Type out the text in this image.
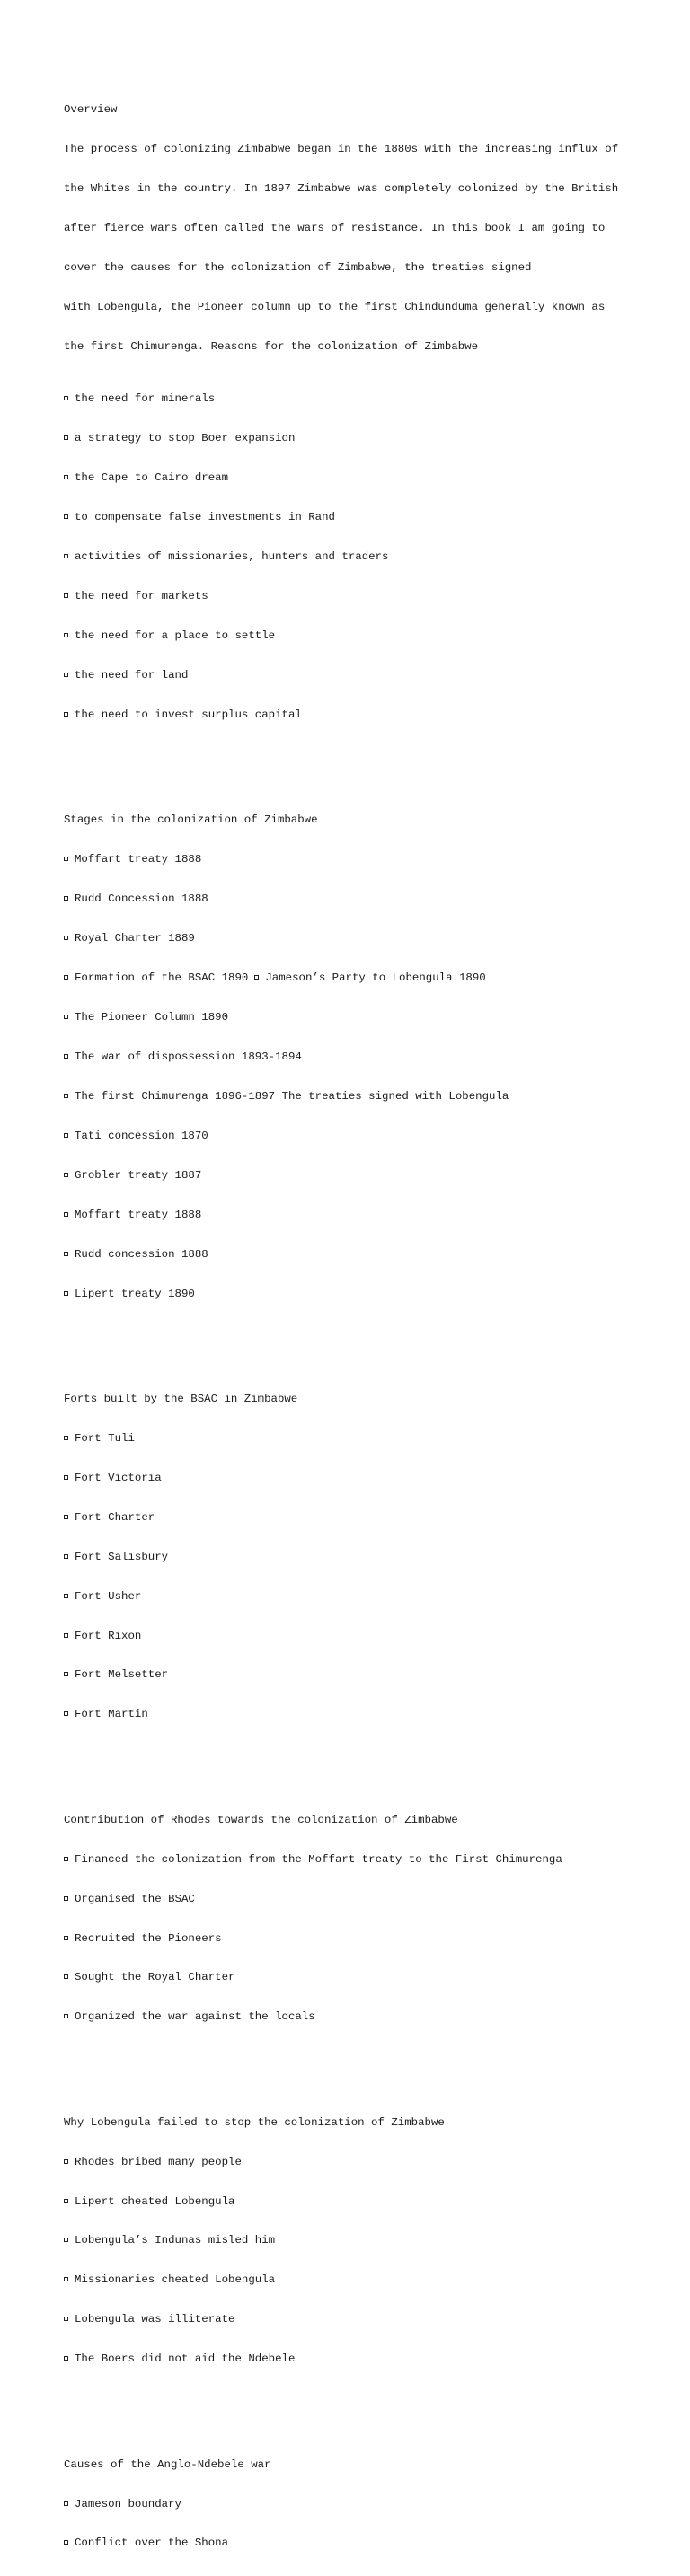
Overview

The process of colonizing Zimbabwe began in the 1880s with the increasing influx of

the Whites in the country. In 1897 Zimbabwe was completely colonized by the British

after fierce wars often called the wars of resistance. In this book I am going to

cover the causes for the colonization of Zimbabwe, the treaties signed

with Lobengula, the Pioneer column up to the first Chindunduma generally known as

the first Chimurenga. Reasons for the colonization of Zimbabwe

the need for minerals

a strategy to stop Boer expansion

the Cape to Cairo dream

to compensate false investments in Rand

activities of missionaries, hunters and traders

the need for markets

the need for a place to settle

the need for land

the need to invest surplus capital

Stages in the colonization of Zimbabwe

Moffart treaty 1888

Rudd Concession 1888

Royal Charter 1889

Formation of the BSAC 1890 Jameson’s Party to Lobengula 1890

The Pioneer Column 1890

The war of dispossession 1893-1894

The first Chimurenga 1896-1897 The treaties signed with Lobengula

Tati concession 1870

Grobler treaty 1887

Moffart treaty 1888

Rudd concession 1888

Lipert treaty 1890

Forts built by the BSAC in Zimbabwe

Fort Tuli

Fort Victoria

Fort Charter

Fort Salisbury

Fort Usher

Fort Rixon

Fort Melsetter

Fort Martin

Contribution of Rhodes towards the colonization of Zimbabwe

Financed the colonization from the Moffart treaty to the First Chimurenga

Organised the BSAC

Recruited the Pioneers

Sought the Royal Charter

Organized the war against the locals

Why Lobengula failed to stop the colonization of Zimbabwe

Rhodes bribed many people

Lipert cheated Lobengula

Lobengula’s Indunas misled him

Missionaries cheated Lobengula

Lobengula was illiterate

The Boers did not aid the Ndebele

Causes of the Anglo-Ndebele war

Jameson boundary

Conflict over the Shona
